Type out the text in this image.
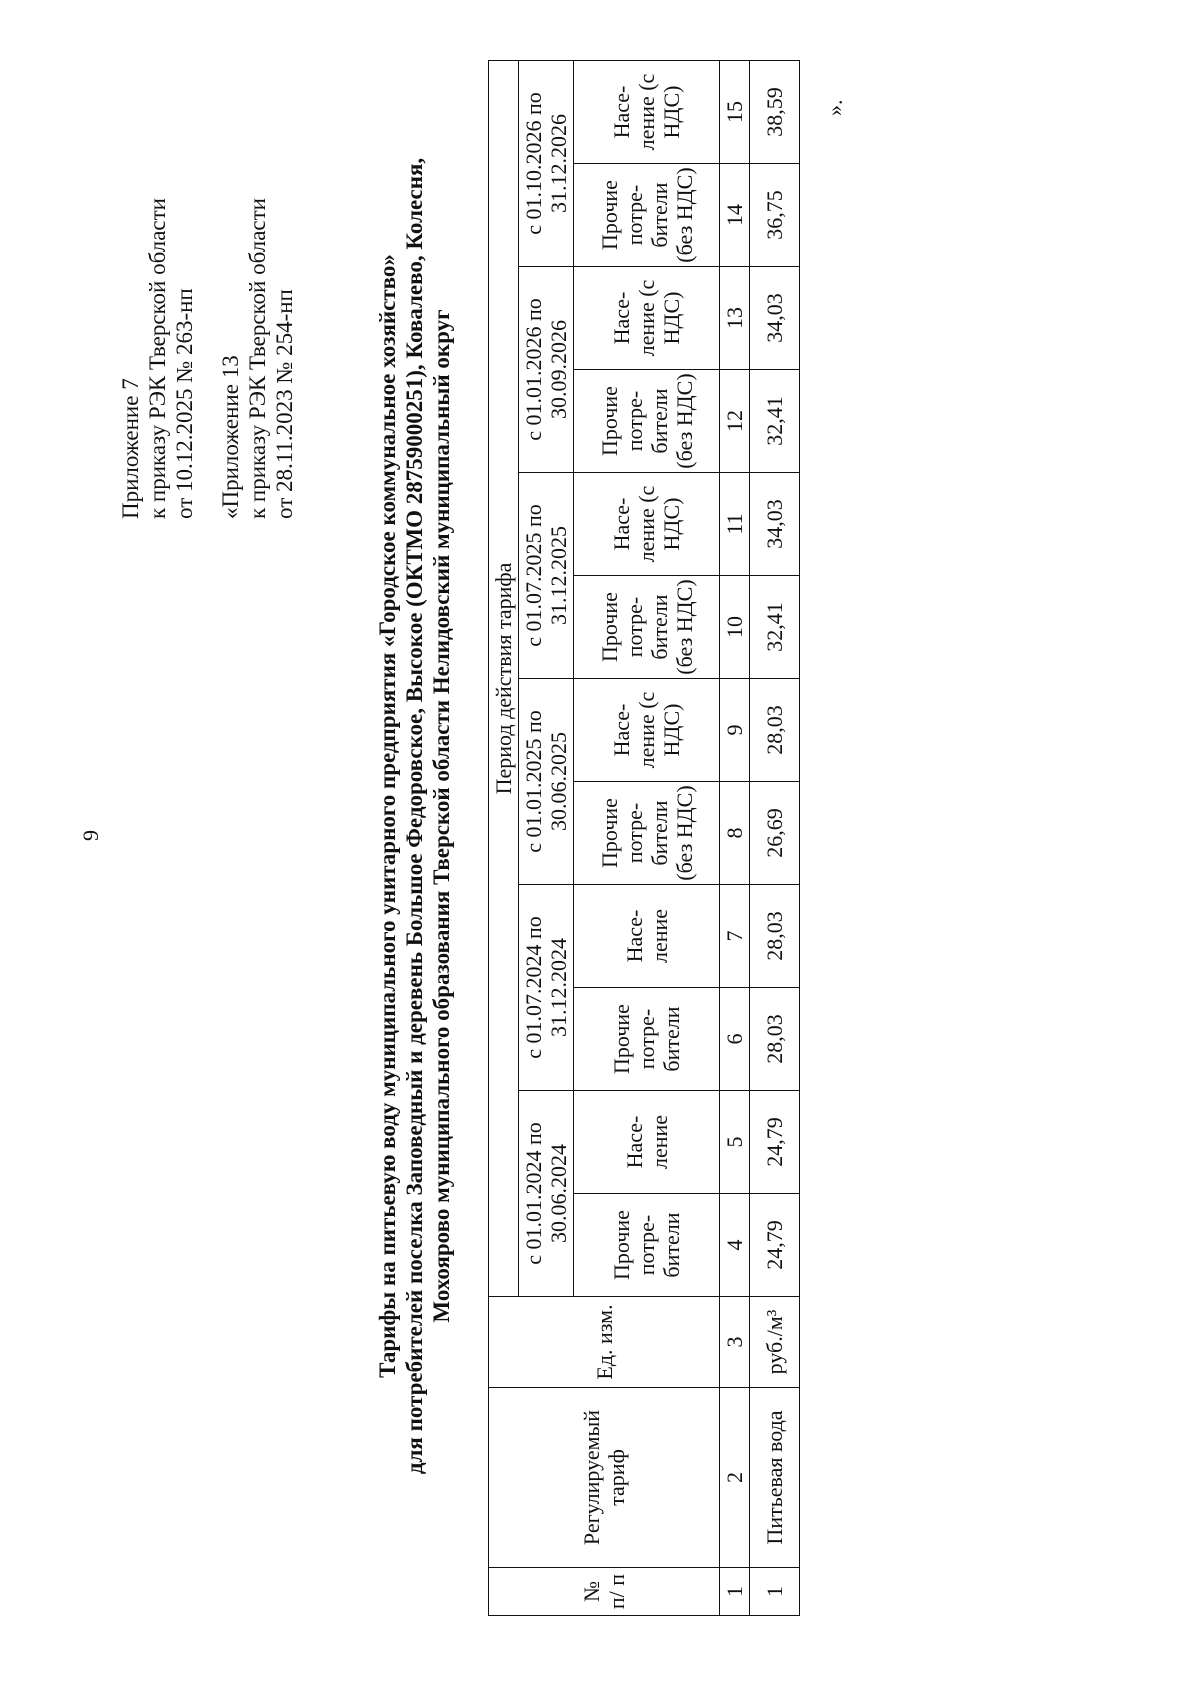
9
Приложение 7 к приказу РЭК Тверской области от 10.12.2025 № 263-нп «Приложение 13 к приказу РЭК Тверской области от 28.11.2023 № 254-нп	Тарифы на питьевую воду муниципального унитарного предприятия «Городское коммунальное хозяйство» для потребителей поселка Заповедный и деревень Большое Федоровское, Высокое (ОКТМО 28759000251), Ковалево, Колесня, Мохоярово муниципального образования Тверской области Нелидовский муниципальный округ
№ п/ п	Регулируемый тариф	Ед. изм.	Период действия тарифа											
			с 01.01.2024 по 30.06.2024		с 01.07.2024 по 31.12.2024		с 01.01.2025 по 30.06.2025		с 01.07.2025 по 31.12.2025		с 01.01.2026 по 30.09.2026		с 01.10.2026 по 31.12.2026	
			Прочие потре-бители	Насе-ление	Прочие потре-бители	Насе-ление	Прочие потре-бители (без НДС)	Насе-ление (с НДС)	Прочие потре-бители (без НДС)	Насе-ление (с НДС)	Прочие потре-бители (без НДС)	Насе-ление (с НДС)	Прочие потре-бители (без НДС)	Насе-ление (с НДС)
1	2	3	4	5	6	7	8	9	10	11	12	13	14	15
1	Питьевая вода	руб./м³	24,79	24,79	28,03	28,03	26,69	28,03	32,41	34,03	32,41	34,03	36,75	38,59 ».
